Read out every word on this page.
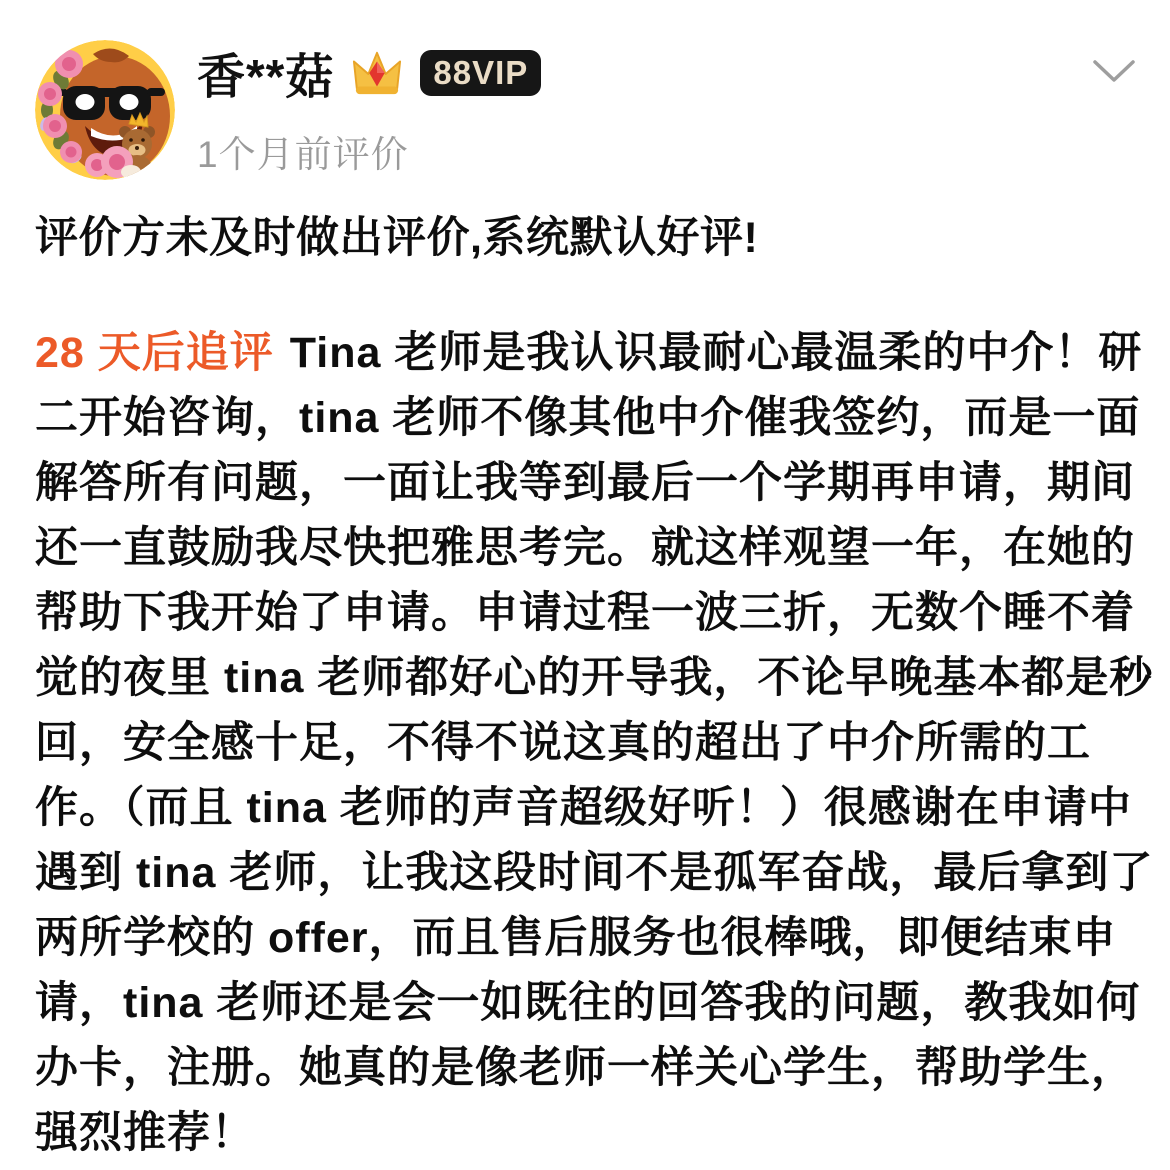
香**菇	88VIP
1个月前评价

评价方未及时做出评价,系统默认好评!

28 天后追评 Tina 老师是我认识最耐心最温柔的中介！研
二开始咨询，tina 老师不像其他中介催我签约，而是一面
解答所有问题，一面让我等到最后一个学期再申请，期间
还一直鼓励我尽快把雅思考完。就这样观望一年，在她的
帮助下我开始了申请。申请过程一波三折，无数个睡不着
觉的夜里 tina 老师都好心的开导我，不论早晚基本都是秒
回，安全感十足，不得不说这真的超出了中介所需的工
作。（而且 tina 老师的声音超级好听！）很感谢在申请中
遇到 tina 老师，让我这段时间不是孤军奋战，最后拿到了
两所学校的 offer，而且售后服务也很棒哦，即便结束申
请，tina 老师还是会一如既往的回答我的问题，教我如何
办卡，注册。她真的是像老师一样关心学生，帮助学生，
强烈推荐！
